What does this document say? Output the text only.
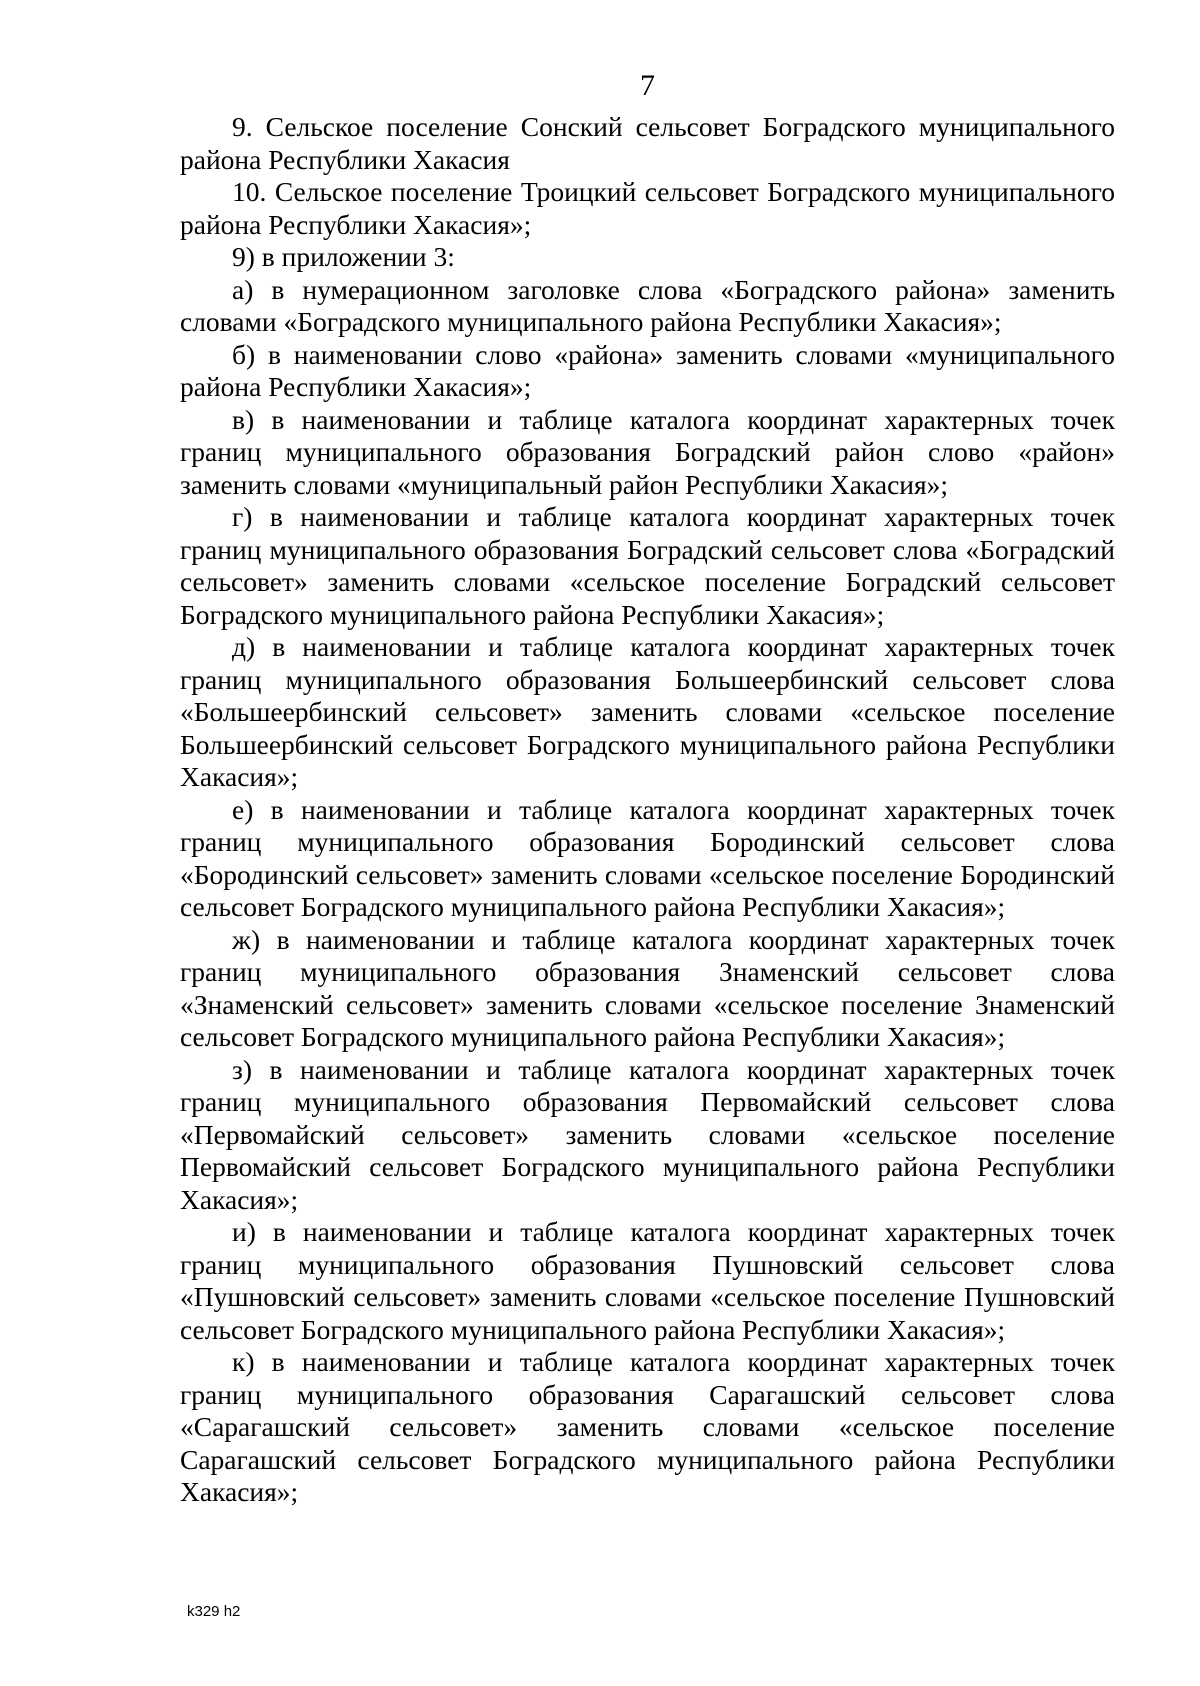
7

9. Сельское поселение Сонский сельсовет Боградского муниципального района Республики Хакасия

10. Сельское поселение Троицкий сельсовет Боградского муниципального района Республики Хакасия»;

9) в приложении 3:

а) в нумерационном заголовке слова «Боградского района» заменить словами «Боградского муниципального района Республики Хакасия»;

б) в наименовании слово «района» заменить словами «муниципального района Республики Хакасия»;

в) в наименовании и таблице каталога координат характерных точек границ муниципального образования Боградский район слово «район» заменить словами «муниципальный район Республики Хакасия»;

г) в наименовании и таблице каталога координат характерных точек границ муниципального образования Боградский сельсовет слова «Боградский сельсовет» заменить словами «сельское поселение Боградский сельсовет Боградского муниципального района Республики Хакасия»;

д) в наименовании и таблице каталога координат характерных точек границ муниципального образования Большеербинский сельсовет слова «Большеербинский сельсовет» заменить словами «сельское поселение Большеербинский сельсовет Боградского муниципального района Республики Хакасия»;

е) в наименовании и таблице каталога координат характерных точек границ муниципального образования Бородинский сельсовет слова «Бородинский сельсовет» заменить словами «сельское поселение Бородинский сельсовет Боградского муниципального района Республики Хакасия»;

ж) в наименовании и таблице каталога координат характерных точек границ муниципального образования Знаменский сельсовет слова «Знаменский сельсовет» заменить словами «сельское поселение Знаменский сельсовет Боградского муниципального района Республики Хакасия»;

з) в наименовании и таблице каталога координат характерных точек границ муниципального образования Первомайский сельсовет слова «Первомайский сельсовет» заменить словами «сельское поселение Первомайский сельсовет Боградского муниципального района Республики Хакасия»;

и) в наименовании и таблице каталога координат характерных точек границ муниципального образования Пушновский сельсовет слова «Пушновский сельсовет» заменить словами «сельское поселение Пушновский сельсовет Боградского муниципального района Республики Хакасия»;

к) в наименовании и таблице каталога координат характерных точек границ муниципального образования Сарагашский сельсовет слова «Сарагашский сельсовет» заменить словами «сельское поселение Сарагашский сельсовет Боградского муниципального района Республики Хакасия»;

k329 h2
